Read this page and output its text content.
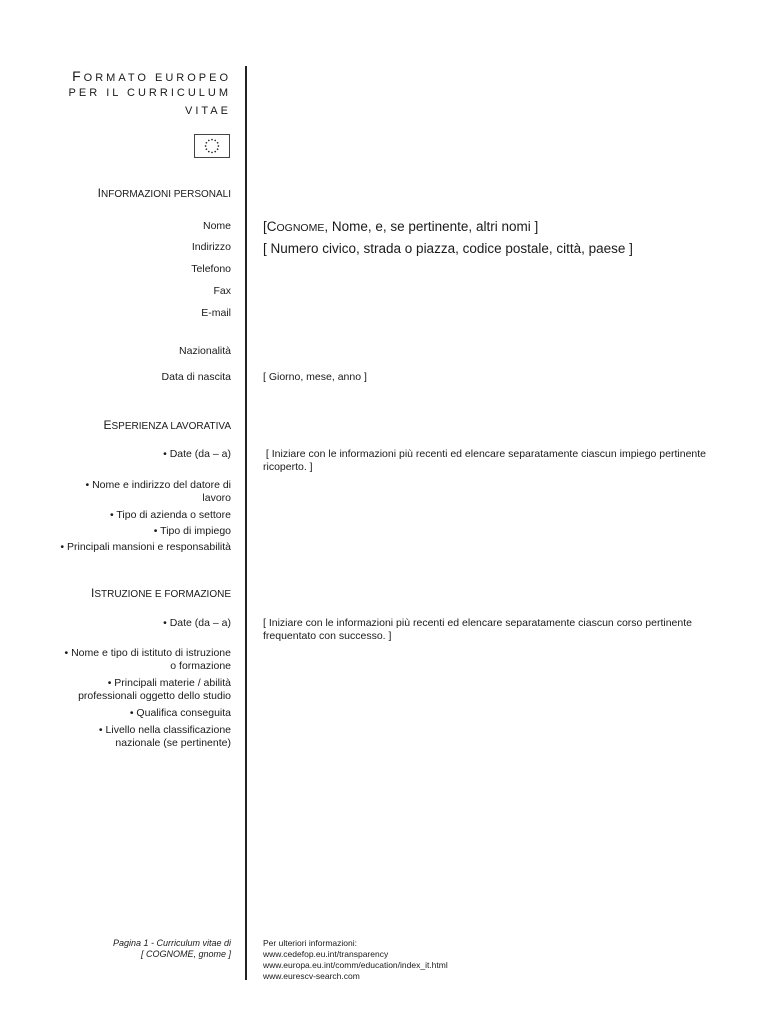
FORMATO EUROPEO
PER IL CURRICULUM
VITAE
INFORMAZIONI PERSONALI
Nome [COGNOME, Nome, e, se pertinente, altri nomi ]
Indirizzo [ Numero civico, strada o piazza, codice postale, città, paese ]
Telefono
Fax
E-mail
Nazionalità
Data di nascita	[ Giorno, mese, anno ]
ESPERIENZA LAVORATIVA
• Date (da – a)	[ Iniziare con le informazioni più recenti ed elencare separatamente ciascun impiego pertinente
ricoperto. ]
• Nome e indirizzo del datore di
lavoro
• Tipo di azienda o settore
• Tipo di impiego
• Principali mansioni e responsabilità
ISTRUZIONE E FORMAZIONE
• Date (da – a)	[ Iniziare con le informazioni più recenti ed elencare separatamente ciascun corso pertinente
frequentato con successo. ]
• Nome e tipo di istituto di istruzione
o formazione
• Principali materie / abilità
professionali oggetto dello studio
• Qualifica conseguita
• Livello nella classificazione
nazionale (se pertinente)
Pagina 1 - Curriculum vitae di
[ COGNOME, gnome ]
Per ulteriori informazioni:
www.cedefop.eu.int/transparency
www.europa.eu.int/comm/education/index_it.html
www.eurescv-search.com
